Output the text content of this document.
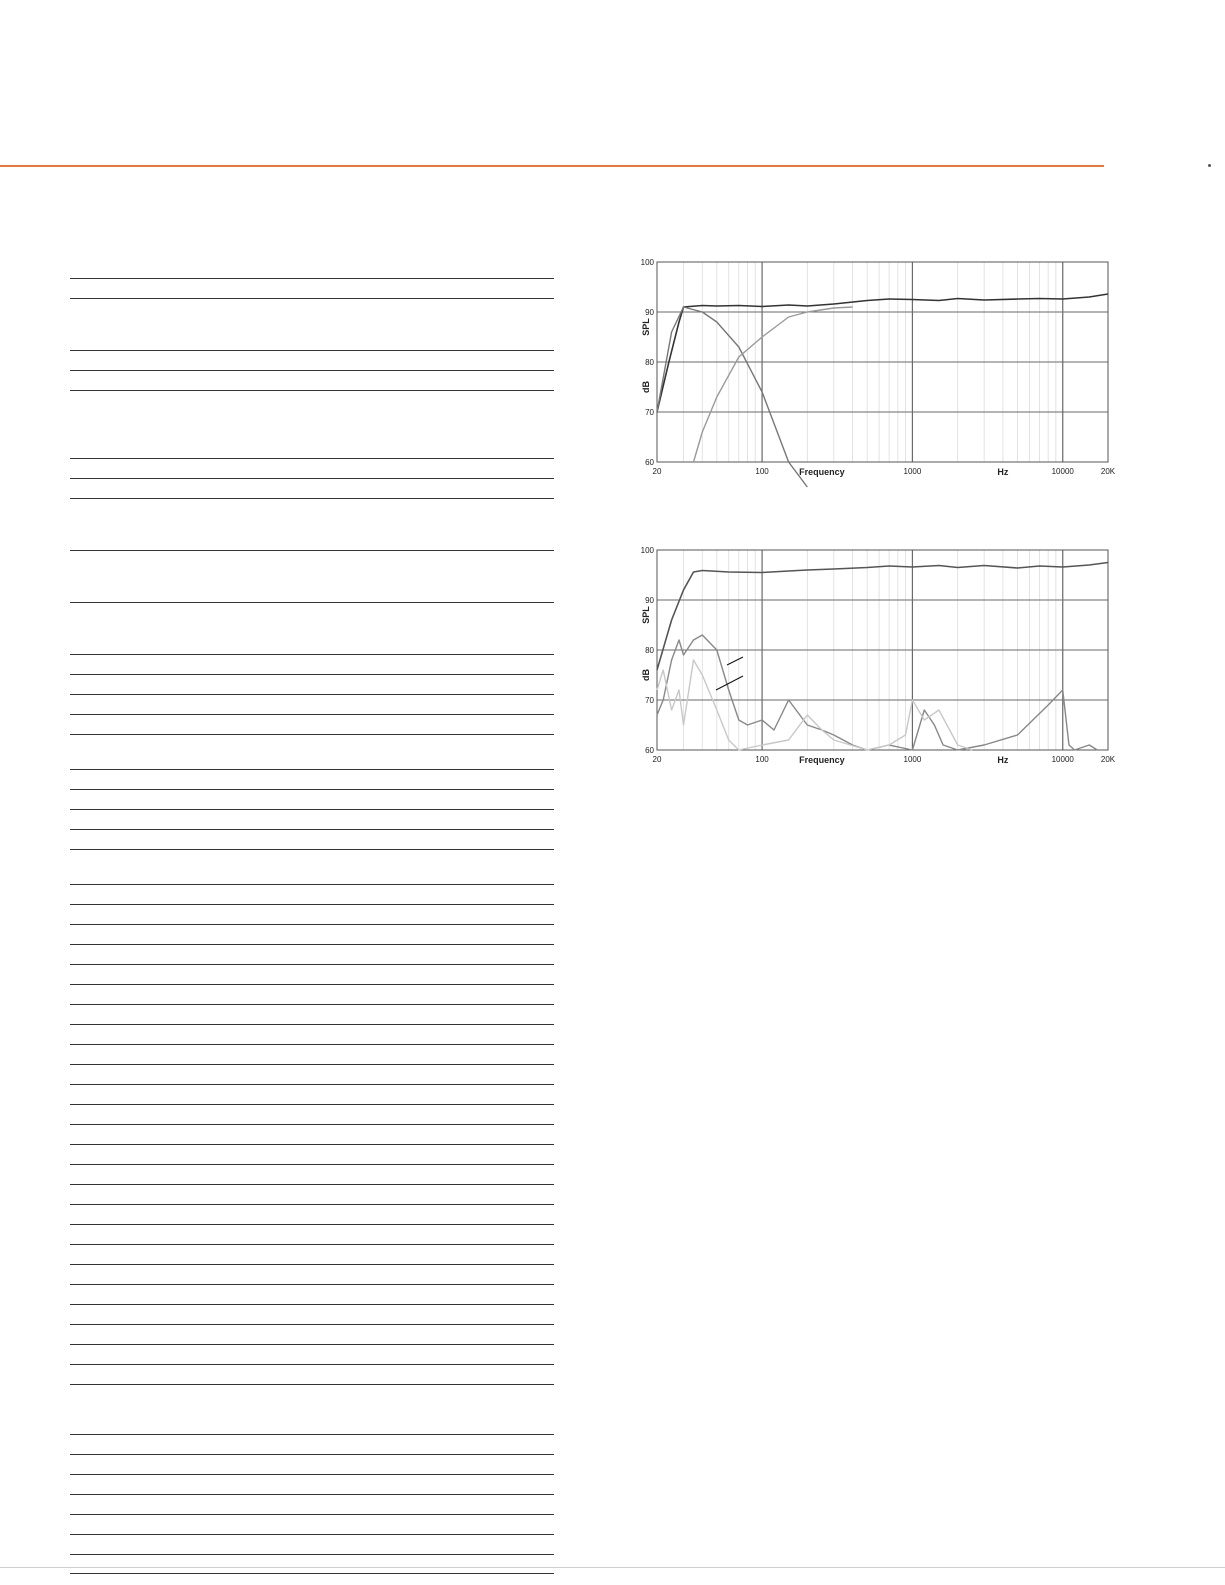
20	100	1000	10000	20K
60
70
80
90
100
Frequency	Hz
SPL
dB
20	100	1000	10000	20K
60
70
80
90
100
Frequency	Hz
SPL
dB
